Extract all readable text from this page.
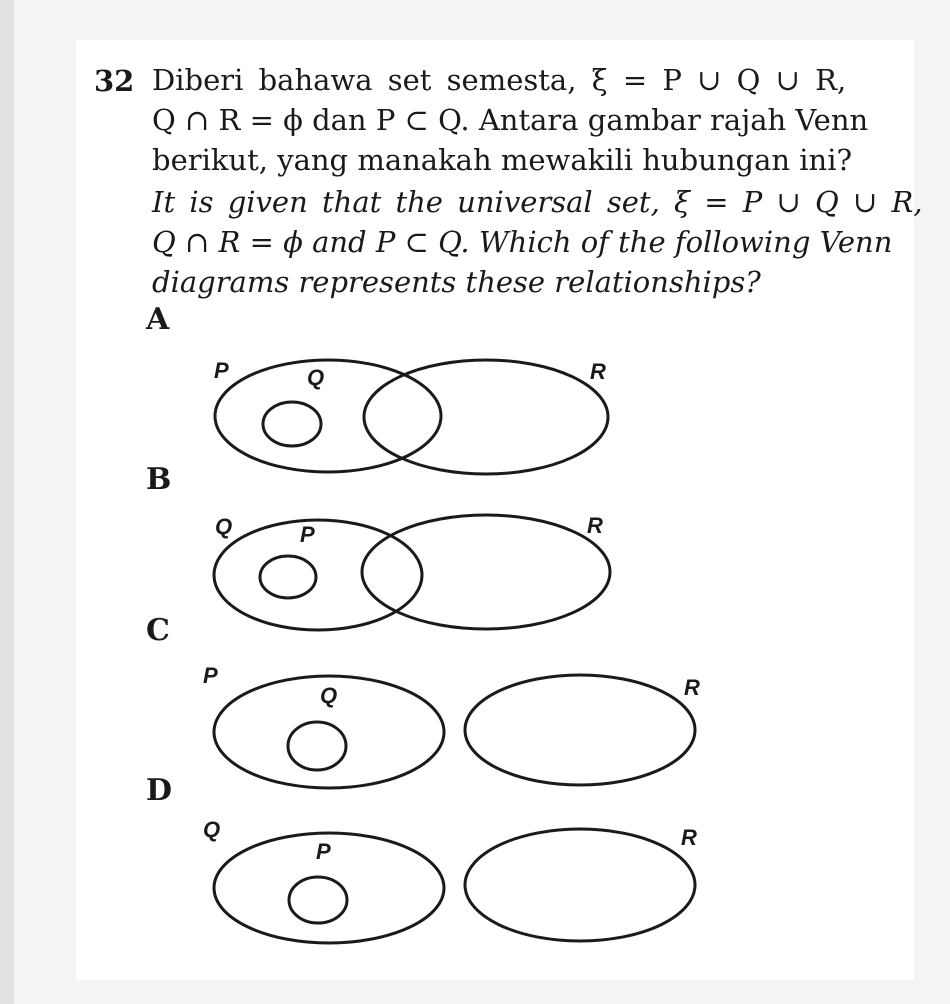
32 Diberi bahawa set semesta, ξ = P ∪ Q ∪ R,
Q ∩ R = ϕ dan P ⊂ Q. Antara gambar rajah Venn
berikut, yang manakah mewakili hubungan ini?
It is given that the universal set, ξ = P ∪ Q ∪ R,
Q ∩ R = ϕ and P ⊂ Q. Which of the following Venn
diagrams represents these relationships?
A
B
C
D
P	Q	R
Q	P	R
P
Q	R
Q
P
R
